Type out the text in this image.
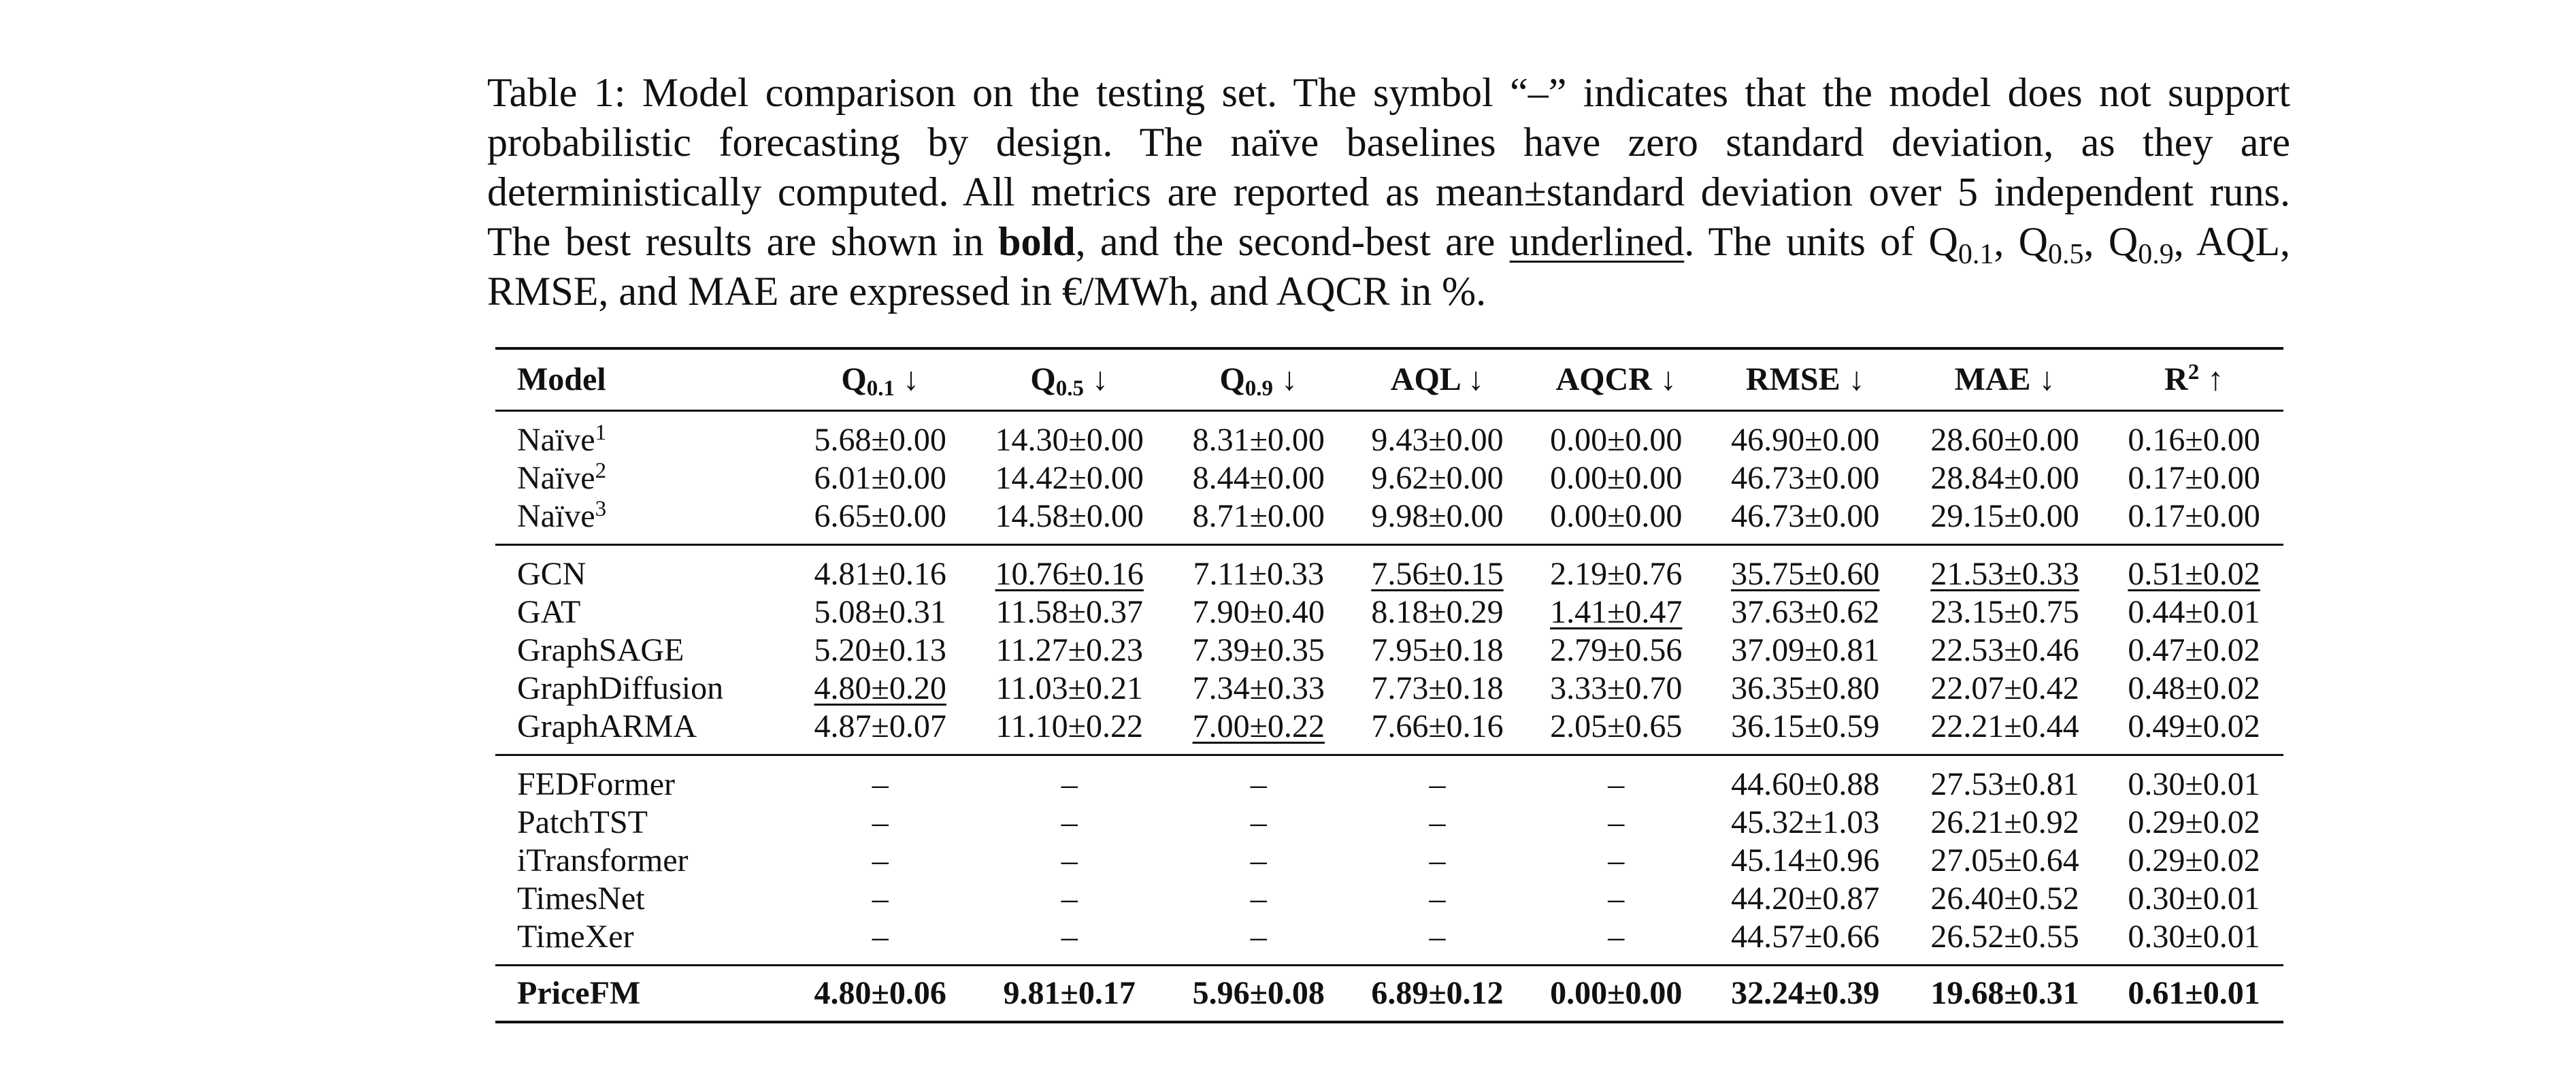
Table 1: Model comparison on the testing set. The symbol “–” indicates that the model does not support probabilistic forecasting by design. The naïve baselines have zero standard deviation, as they are deterministically computed. All metrics are reported as mean±standard deviation over 5 independent runs. The best results are shown in bold, and the second-best are underlined. The units of $Q_{0.1}$, $Q_{0.5}$, $Q_{0.9}$, AQL, RMSE, and MAE are expressed in €/MWh, and AQCR in %.

Model	$Q_{0.1}$ ↓	$Q_{0.5}$ ↓	$Q_{0.9}$ ↓	AQL ↓	AQCR ↓	RMSE ↓	MAE ↓	$R^2$ ↑
Naïve$^1$	5.68±0.00	14.30±0.00	8.31±0.00	9.43±0.00	0.00±0.00	46.90±0.00	28.60±0.00	0.16±0.00
Naïve$^2$	6.01±0.00	14.42±0.00	8.44±0.00	9.62±0.00	0.00±0.00	46.73±0.00	28.84±0.00	0.17±0.00
Naïve$^3$	6.65±0.00	14.58±0.00	8.71±0.00	9.98±0.00	0.00±0.00	46.73±0.00	29.15±0.00	0.17±0.00
GCN	4.81±0.16	10.76±0.16	7.11±0.33	7.56±0.15	2.19±0.76	35.75±0.60	21.53±0.33	0.51±0.02
GAT	5.08±0.31	11.58±0.37	7.90±0.40	8.18±0.29	1.41±0.47	37.63±0.62	23.15±0.75	0.44±0.01
GraphSAGE	5.20±0.13	11.27±0.23	7.39±0.35	7.95±0.18	2.79±0.56	37.09±0.81	22.53±0.46	0.47±0.02
GraphDiffusion	4.80±0.20	11.03±0.21	7.34±0.33	7.73±0.18	3.33±0.70	36.35±0.80	22.07±0.42	0.48±0.02
GraphARMA	4.87±0.07	11.10±0.22	7.00±0.22	7.66±0.16	2.05±0.65	36.15±0.59	22.21±0.44	0.49±0.02
FEDFormer	–	–	–	–	–	44.60±0.88	27.53±0.81	0.30±0.01
PatchTST	–	–	–	–	–	45.32±1.03	26.21±0.92	0.29±0.02
iTransformer	–	–	–	–	–	45.14±0.96	27.05±0.64	0.29±0.02
TimesNet	–	–	–	–	–	44.20±0.87	26.40±0.52	0.30±0.01
TimeXer	–	–	–	–	–	44.57±0.66	26.52±0.55	0.30±0.01
PriceFM	4.80±0.06	9.81±0.17	5.96±0.08	6.89±0.12	0.00±0.00	32.24±0.39	19.68±0.31	0.61±0.01
